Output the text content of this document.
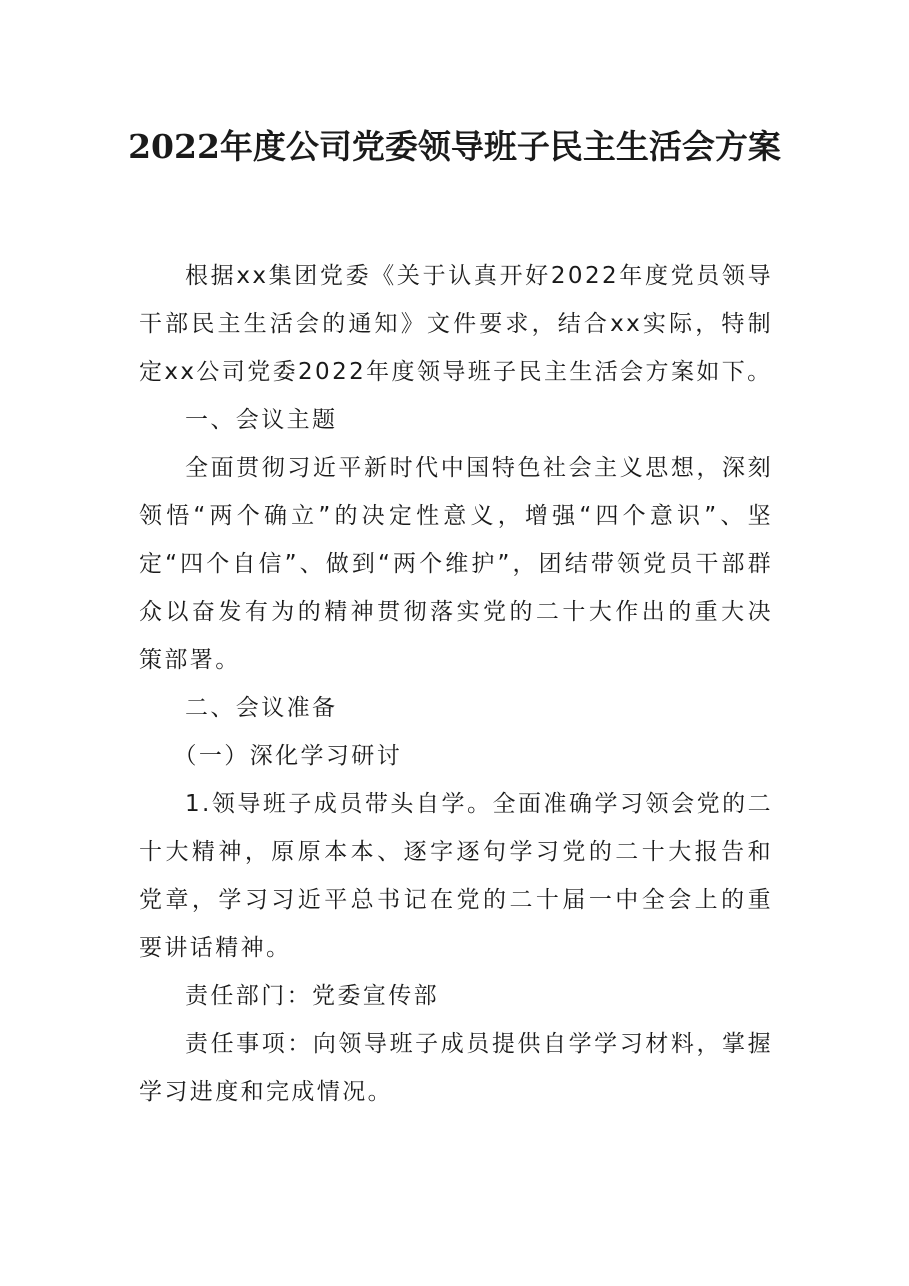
2022年度公司党委领导班子民主生活会方案

根据xx集团党委《关于认真开好2022年度党员领导干部民主生活会的通知》文件要求，结合xx实际，特制定xx公司党委2022年度领导班子民主生活会方案如下。

一、会议主题

全面贯彻习近平新时代中国特色社会主义思想，深刻领悟“两个确立”的决定性意义，增强“四个意识”、坚定“四个自信”、做到“两个维护”，团结带领党员干部群众以奋发有为的精神贯彻落实党的二十大作出的重大决策部署。

二、会议准备

（一）深化学习研讨

1.领导班子成员带头自学。全面准确学习领会党的二十大精神，原原本本、逐字逐句学习党的二十大报告和党章，学习习近平总书记在党的二十届一中全会上的重要讲话精神。

责任部门：党委宣传部

责任事项：向领导班子成员提供自学学习材料，掌握学习进度和完成情况。
